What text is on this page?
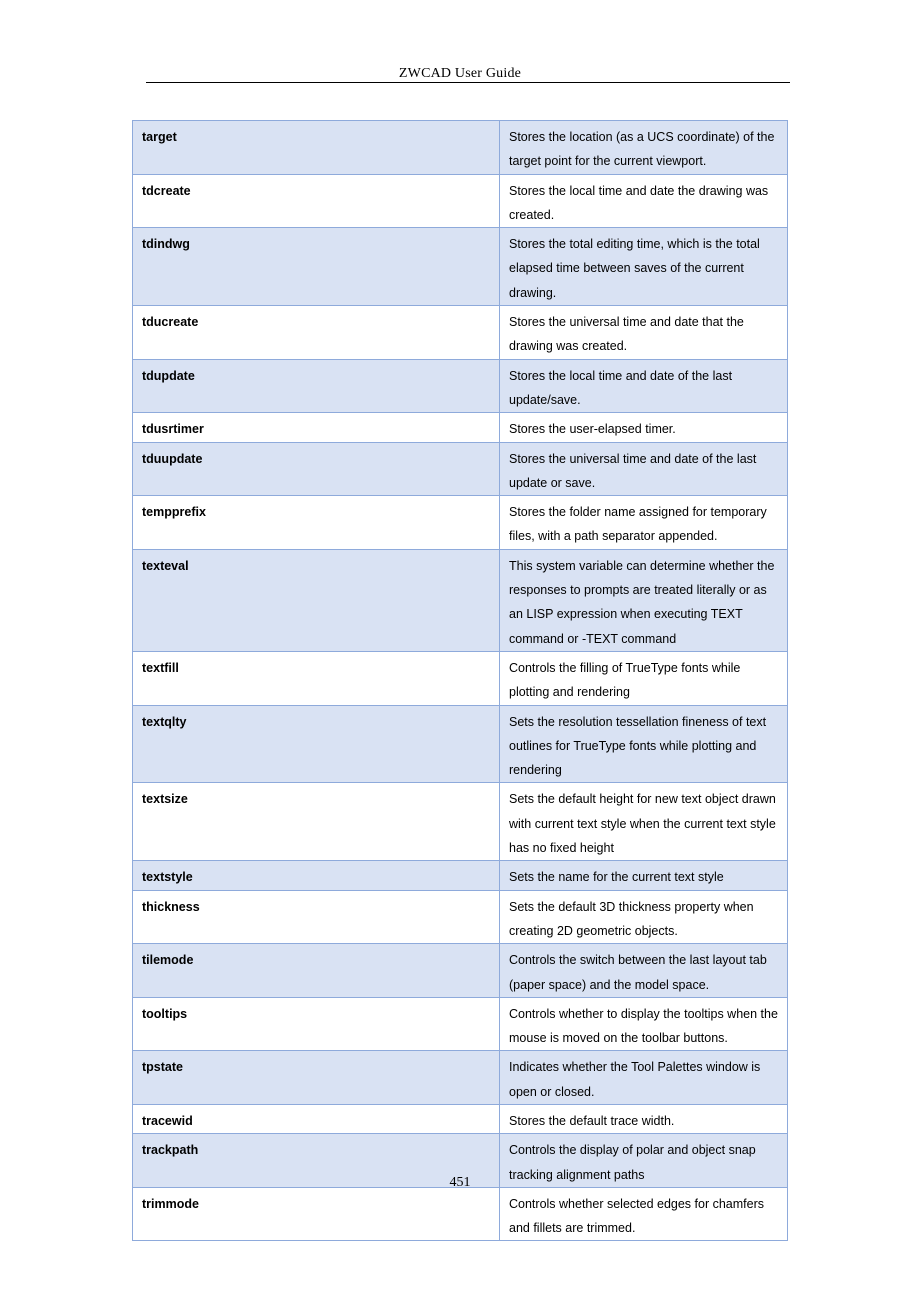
ZWCAD User Guide
target	Stores the location (as a UCS coordinate) of the target point for the current viewport.
tdcreate	Stores the local time and date the drawing was created.
tdindwg	Stores the total editing time, which is the total elapsed time between saves of the current drawing.
tducreate	Stores the universal time and date that the drawing was created.
tdupdate	Stores the local time and date of the last update/save.
tdusrtimer	Stores the user-elapsed timer.
tduupdate	Stores the universal time and date of the last update or save.
tempprefix	Stores the folder name assigned for temporary files, with a path separator appended.
texteval	This system variable can determine whether the responses to prompts are treated literally or as an LISP expression when executing TEXT command or -TEXT command
textfill	Controls the filling of TrueType fonts while plotting and rendering
textqlty	Sets the resolution tessellation fineness of text outlines for TrueType fonts while plotting and rendering
textsize	Sets the default height for new text object drawn with current text style when the current text style has no fixed height
textstyle	Sets the name for the current text style
thickness	Sets the default 3D thickness property when creating 2D geometric objects.
tilemode	Controls the switch between the last layout tab (paper space) and the model space.
tooltips	Controls whether to display the tooltips when the mouse is moved on the toolbar buttons.
tpstate	Indicates whether the Tool Palettes window is open or closed.
tracewid	Stores the default trace width.
trackpath	Controls the display of polar and object snap tracking alignment paths
trimmode	Controls whether selected edges for chamfers and fillets are trimmed.
451
